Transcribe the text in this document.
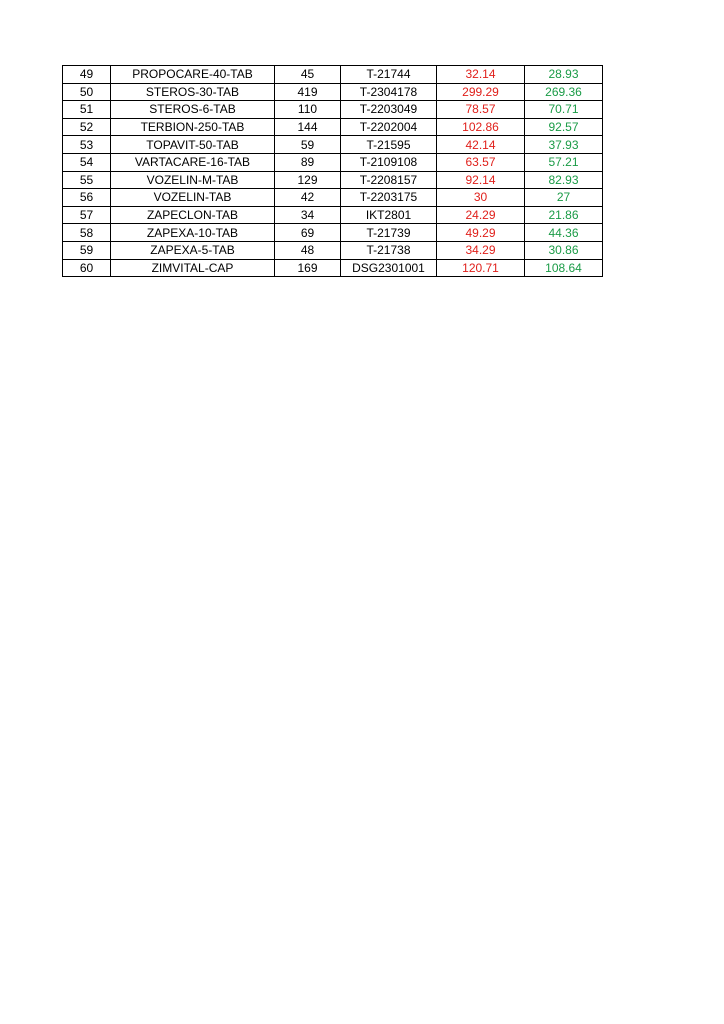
49	PROPOCARE-40-TAB	45	T-21744	32.14	28.93
50	STEROS-30-TAB	419	T-2304178	299.29	269.36
51	STEROS-6-TAB	110	T-2203049	78.57	70.71
52	TERBION-250-TAB	144	T-2202004	102.86	92.57
53	TOPAVIT-50-TAB	59	T-21595	42.14	37.93
54	VARTACARE-16-TAB	89	T-2109108	63.57	57.21
55	VOZELIN-M-TAB	129	T-2208157	92.14	82.93
56	VOZELIN-TAB	42	T-2203175	30	27
57	ZAPECLON-TAB	34	IKT2801	24.29	21.86
58	ZAPEXA-10-TAB	69	T-21739	49.29	44.36
59	ZAPEXA-5-TAB	48	T-21738	34.29	30.86
60	ZIMVITAL-CAP	169	DSG2301001	120.71	108.64
